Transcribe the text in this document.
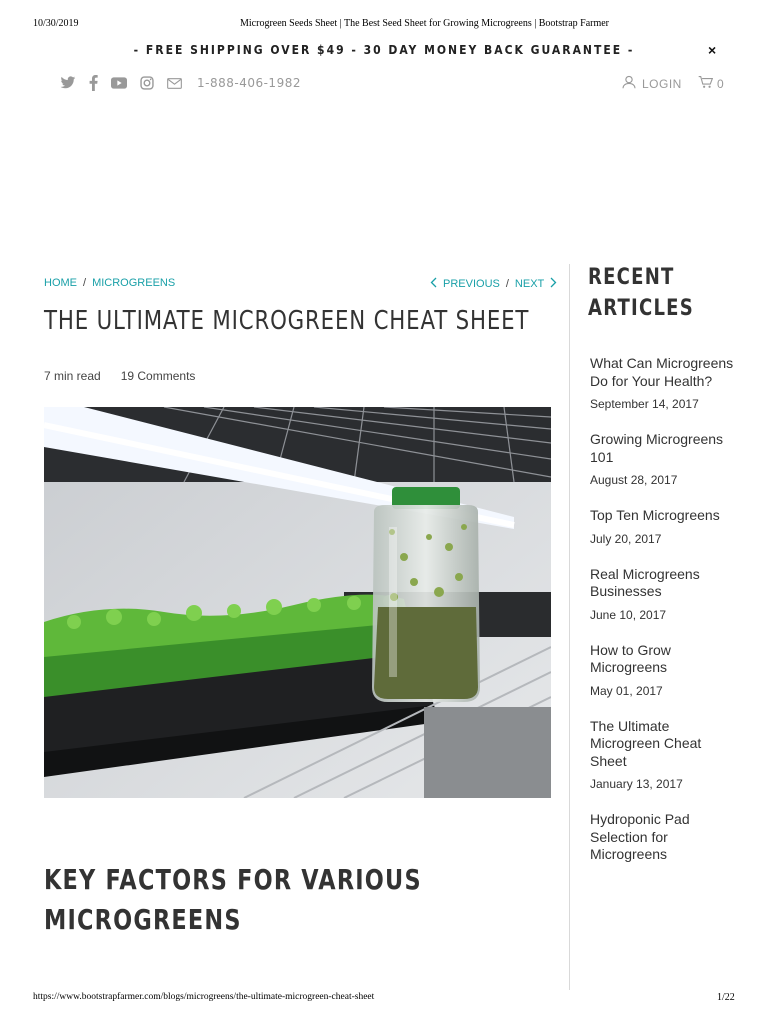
10/30/2019	Microgreen Seeds Sheet | The Best Seed Sheet for Growing Microgreens | Bootstrap Farmer
- FREE SHIPPING OVER $49 - 30 DAY MONEY BACK GUARANTEE -	×
1-888-406-1982	LOGIN	0
HOME / MICROGREENS	PREVIOUS / NEXT
THE ULTIMATE MICROGREEN CHEAT SHEET
7 min read 19 Comments
KEY FACTORS FOR VARIOUS MICROGREENS
RECENT ARTICLES
What Can Microgreens Do for Your Health?
September 14, 2017
Growing Microgreens 101
August 28, 2017
Top Ten Microgreens
July 20, 2017
Real Microgreens Businesses
June 10, 2017
How to Grow Microgreens
May 01, 2017
The Ultimate Microgreen Cheat Sheet
January 13, 2017
Hydroponic Pad Selection for Microgreens
https://www.bootstrapfarmer.com/blogs/microgreens/the-ultimate-microgreen-cheat-sheet	1/22
